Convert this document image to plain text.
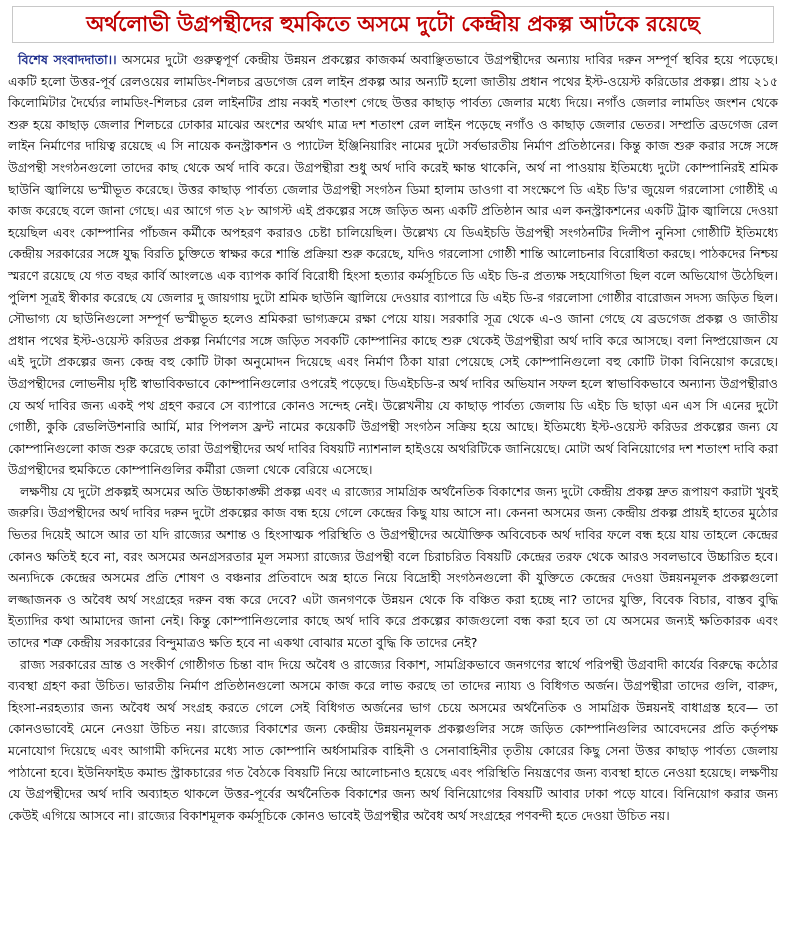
অর্থলোভী উগ্রপন্থীদের হুমকিতে অসমে দুটো কেন্দ্রীয় প্রকল্প আটকে রয়েছে

বিশেষ সংবাদদাতা।। অসমের দুটো গুরুত্বপূর্ণ কেন্দ্রীয় উন্নয়ন প্রকল্পের কাজকর্ম অবাঞ্ছিতভাবে উগ্রপন্থীদের অন্যায় দাবির দরুন সম্পূর্ণ স্থবির হয়ে পড়েছে। একটি হলো উত্তর-পূর্ব রেলওয়ের লামডিং-শিলচর ব্রডগেজ রেল লাইন প্রকল্প আর অন্যটি হলো জাতীয় প্রধান পথের ইস্ট-ওয়েস্ট করিডোর প্রকল্প। প্রায় ২১৫ কিলোমিটার দৈর্ঘ্যের লামডিং-শিলচর রেল লাইনটির প্রায় নব্বই শতাংশ গেছে উত্তর কাছাড় পার্বত্য জেলার মধ্যে দিয়ে। নগাঁও জেলার লামডিং জংশন থেকে শুরু হয়ে কাছাড় জেলার শিলচরে ঢোকার মাঝের অংশের অর্থাৎ মাত্র দশ শতাংশ রেল লাইন পড়েছে নগাঁও ও কাছাড় জেলার ভেতর। সম্প্রতি ব্রডগেজ রেল লাইন নির্মাণের দায়িত্ব রয়েছে এ সি নায়েক কনস্ট্রাকশন ও প্যাটেল ইঞ্জিনিয়ারিং নামের দুটো সর্বভারতীয় নির্মাণ প্রতিষ্ঠানের। কিন্তু কাজ শুরু করার সঙ্গে সঙ্গে উগ্রপন্থী সংগঠনগুলো তাদের কাছ থেকে অর্থ দাবি করে। উগ্রপন্থীরা শুধু অর্থ দাবি করেই ক্ষান্ত থাকেনি, অর্থ না পাওয়ায় ইতিমধ্যে দুটো কোম্পানিরই শ্রমিক ছাউনি জ্বালিয়ে ভস্মীভূত করেছে। উত্তর কাছাড় পার্বত্য জেলার উগ্রপন্থী সংগঠন ডিমা হালাম ডাওগা বা সংক্ষেপে ডি এইচ ডি'র জুয়েল গরলোসা গোষ্ঠীই এ কাজ করেছে বলে জানা গেছে। এর আগে গত ২৮ আগস্ট এই প্রকল্পের সঙ্গে জড়িত অন্য একটি প্রতিষ্ঠান আর এল কনস্ট্রাকশনের একটি ট্রাক জ্বালিয়ে দেওয়া হয়েছিল এবং কোম্পানির পাঁচজন কর্মীকে অপহরণ করারও চেষ্টা চালিয়েছিল। উল্লেখ্য যে ডিএইচডি উগ্রপন্থী সংগঠনটির দিলীপ নুনিসা গোষ্ঠীটি ইতিমধ্যে কেন্দ্রীয় সরকারের সঙ্গে যুদ্ধ বিরতি চুক্তিতে স্বাক্ষর করে শান্তি প্রক্রিয়া শুরু করেছে, যদিও গরলোসা গোষ্ঠী শান্তি আলোচনার বিরোধিতা করছে। পাঠকদের নিশ্চয় স্মরণে রয়েছে যে গত বছর কার্বি আংলঙে এক ব্যাপক কার্বি বিরোধী হিংসা হত্যার কর্মসূচিতে ডি এইচ ডি-র প্রত্যক্ষ সহযোগিতা ছিল বলে অভিযোগ উঠেছিল। পুলিশ সূত্রই স্বীকার করেছে যে জেলার দু জায়গায় দুটো শ্রমিক ছাউনি জ্বালিয়ে দেওয়ার ব্যাপারে ডি এইচ ডি-র গরলোসা গোষ্ঠীর বারোজন সদস্য জড়িত ছিল। সৌভাগ্য যে ছাউনিগুলো সম্পূর্ণ ভস্মীভূত হলেও শ্রমিকরা ভাগ্যক্রমে রক্ষা পেয়ে যায়। সরকারি সূত্র থেকে এ-ও জানা গেছে যে ব্রডগেজ প্রকল্প ও জাতীয় প্রধান পথের ইস্ট-ওয়েস্ট করিডর প্রকল্প নির্মাণের সঙ্গে জড়িত সবকটি কোম্পানির কাছে শুরু থেকেই উগ্রপন্থীরা অর্থ দাবি করে আসছে। বলা নিষ্প্রয়োজন যে এই দুটো প্রকল্পের জন্য কেন্দ্র বহু কোটি টাকা অনুমোদন দিয়েছে এবং নির্মাণ ঠিকা যারা পেয়েছে সেই কোম্পানিগুলো বহু কোটি টাকা বিনিয়োগ করেছে। উগ্রপন্থীদের লোভনীয় দৃষ্টি স্বাভাবিকভাবে কোম্পানিগুলোর ওপরেই পড়েছে। ডিএইচডি-র অর্থ দাবির অভিযান সফল হলে স্বাভাবিকভাবে অন্যান্য উগ্রপন্থীরাও যে অর্থ দাবির জন্য একই পথ গ্রহণ করবে সে ব্যাপারে কোনও সন্দেহ নেই। উল্লেখনীয় যে কাছাড় পার্বত্য জেলায় ডি এইচ ডি ছাড়া এন এস সি এনের দুটো গোষ্ঠী, কুকি রেভলিউশনারি আর্মি, মার পিপলস ফ্রন্ট নামের কয়েকটি উগ্রপন্থী সংগঠন সক্রিয় হয়ে আছে। ইতিমধ্যে ইস্ট-ওয়েস্ট করিডর প্রকল্পের জন্য যে কোম্পানিগুলো কাজ শুরু করেছে তারা উগ্রপন্থীদের অর্থ দাবির বিষয়টি ন্যাশনাল হাইওয়ে অথরিটিকে জানিয়েছে। মোটা অর্থ বিনিয়োগের দশ শতাংশ দাবি করা উগ্রপন্থীদের হুমকিতে কোম্পানিগুলির কর্মীরা জেলা থেকে বেরিয়ে এসেছে।

লক্ষণীয় যে দুটো প্রকল্পই অসমের অতি উচ্চাকাঙ্ক্ষী প্রকল্প এবং এ রাজ্যের সামগ্রিক অর্থনৈতিক বিকাশের জন্য দুটো কেন্দ্রীয় প্রকল্প দ্রুত রূপায়ণ করাটা খুবই জরুরি। উগ্রপন্থীদের অর্থ দাবির দরুন দুটো প্রকল্পের কাজ বন্ধ হয়ে গেলে কেন্দ্রের কিছু যায় আসে না। কেননা অসমের জন্য কেন্দ্রীয় প্রকল্প প্রায়ই হাতের মুঠোর ভিতর দিয়েই আসে আর তা যদি রাজ্যের অশান্ত ও হিংসাত্মক পরিস্থিতি ও উগ্রপন্থীদের অযৌক্তিক অবিবেচক অর্থ দাবির ফলে বন্ধ হয়ে যায় তাহলে কেন্দ্রের কোনও ক্ষতিই হবে না, বরং অসমের অনগ্রসরতার মূল সমস্যা রাজ্যের উগ্রপন্থী বলে চিরাচরিত বিষয়টি কেন্দ্রের তরফ থেকে আরও সবলভাবে উচ্চারিত হবে। অন্যদিকে কেন্দ্রের অসমের প্রতি শোষণ ও বঞ্চনার প্রতিবাদে অস্ত্র হাতে নিয়ে বিদ্রোহী সংগঠনগুলো কী যুক্তিতে কেন্দ্রের দেওয়া উন্নয়নমূলক প্রকল্পগুলো লজ্জাজনক ও অবৈধ অর্থ সংগ্রহের দরুন বন্ধ করে দেবে? এটা জনগণকে উন্নয়ন থেকে কি বঞ্চিত করা হচ্ছে না? তাদের যুক্তি, বিবেক বিচার, বাস্তব বুদ্ধি ইত্যাদির কথা আমাদের জানা নেই। কিন্তু কোম্পানিগুলোর কাছে অর্থ দাবি করে প্রকল্পের কাজগুলো বন্ধ করা হবে তা যে অসমের জন্যই ক্ষতিকারক এবং তাদের শত্রু কেন্দ্রীয় সরকারের বিন্দুমাত্রও ক্ষতি হবে না একথা বোঝার মতো বুদ্ধি কি তাদের নেই?

রাজ্য সরকারের ভ্রান্ত ও সংকীর্ণ গোষ্ঠীগত চিন্তা বাদ দিয়ে অবৈধ ও রাজ্যের বিকাশ, সামগ্রিকভাবে জনগণের স্বার্থে পরিপন্থী উগ্রবাদী কার্যের বিরুদ্ধে কঠোর ব্যবস্থা গ্রহণ করা উচিত। ভারতীয় নির্মাণ প্রতিষ্ঠানগুলো অসমে কাজ করে লাভ করছে তা তাদের ন্যায্য ও বিধিগত অর্জন। উগ্রপন্থীরা তাদের গুলি, বারুদ, হিংসা-নরহত্যার জন্য অবৈধ অর্থ সংগ্রহ করতে গেলে সেই বিধিগত অর্জনের ভাগ চেয়ে অসমের অর্থনৈতিক ও সামগ্রিক উন্নয়নই বাধাগ্রস্ত হবে— তা কোনওভাবেই মেনে নেওয়া উচিত নয়। রাজ্যের বিকাশের জন্য কেন্দ্রীয় উন্নয়নমূলক প্রকল্পগুলির সঙ্গে জড়িত কোম্পানিগুলির আবেদনের প্রতি কর্তৃপক্ষ মনোযোগ দিয়েছে এবং আগামী কদিনের মধ্যে সাত কোম্পানি অর্ধসামরিক বাহিনী ও সেনাবাহিনীর তৃতীয় কোরের কিছু সেনা উত্তর কাছাড় পার্বত্য জেলায় পাঠানো হবে। ইউনিফাইড কমান্ড স্ট্রাকচারের গত বৈঠকে বিষয়টি নিয়ে আলোচনাও হয়েছে এবং পরিস্থিতি নিয়ন্ত্রণের জন্য ব্যবস্থা হাতে নেওয়া হয়েছে। লক্ষণীয় যে উগ্রপন্থীদের অর্থ দাবি অব্যাহত থাকলে উত্তর-পূর্বের অর্থনৈতিক বিকাশের জন্য অর্থ বিনিয়োগের বিষয়টি আবার ঢাকা পড়ে যাবে। বিনিয়োগ করার জন্য কেউই এগিয়ে আসবে না। রাজ্যের বিকাশমূলক কর্মসূচিকে কোনও ভাবেই উগ্রপন্থীর অবৈধ অর্থ সংগ্রহের পণবন্দী হতে দেওয়া উচিত নয়।
